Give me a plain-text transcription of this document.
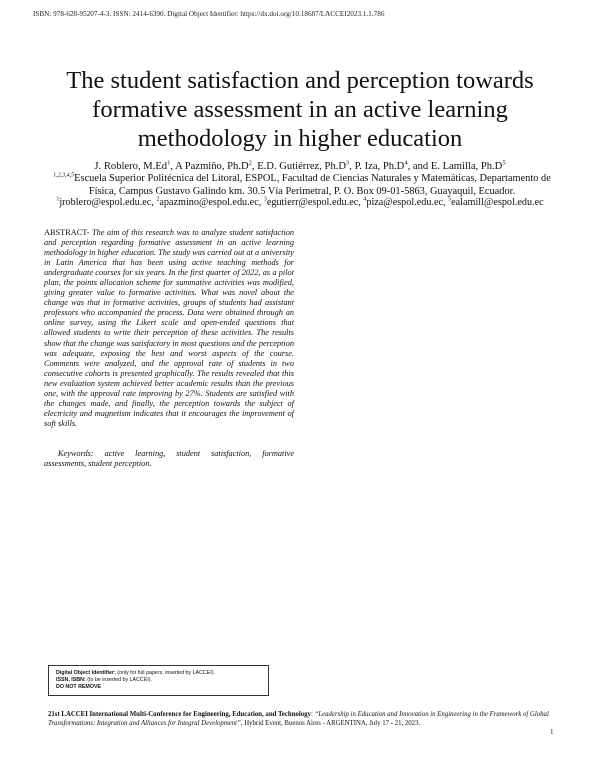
ISBN: 978-628-95207-4-3. ISSN: 2414-6390. Digital Object Identifier: https://dx.doi.org/10.18687/LACCEI2023.1.1.786
The student satisfaction and perception towards
formative assessment in an active learning
methodology in higher education
J. Roblero, M.Ed$^1$, A Pazmiño, $Ph.D^2$, E.D. Gutiérrez, $Ph.D^3$, P. Iza, $Ph.D^4$, and E. Lamilla, $Ph.D^5$
$^{1,2,3,4,5}$Escuela Superior Politécnica del Litoral, ESPOL, Facultad de Ciencias Naturales y Matemáticas, Departamento de Física, Campus Gustavo Galindo km. 30.5 Vía Perimetral, P. O. Box 09-01-5863, Guayaquil, Ecuador.
$^1$jroblero@espol.edu.ec, $^2$apazmino@espol.edu.ec, $^3$egutierr@espol.edu.ec, $^4$piza@espol.edu.ec, $^5$ealamill@espol.edu.ec

ABSTRACT- The aim of this research was to analyze student satisfaction and perception regarding formative assessment in an active learning methodology in higher education. The study was carried out at a university in Latin America that has been using active teaching methods for undergraduate courses for six years. In the first quarter of 2022, as a pilot plan, the points allocation scheme for summative activities was modified, giving greater value to formative activities. What was novel about the change was that in formative activities, groups of students had assistant professors who accompanied the process. Data were obtained through an online survey, using the Likert scale and open-ended questions that allowed students to write their perception of these activities. The results show that the change was satisfactory in most questions and the perception was adequate, exposing the best and worst aspects of the course. Comments were analyzed, and the approval rate of students in two consecutive cohorts is presented graphically. The results revealed that this new evaluation system achieved better academic results than the previous one, with the approval rate improving by 27%. Students are satisfied with the changes made, and finally, the perception towards the subject of electricity and magnetism indicates that it encourages the improvement of soft skills.

Keywords: active learning, student satisfaction, formative assessments, student perception.

Digital Object Identifier: (only for full papers, inserted by LACCEI).
ISSN, ISBN: (to be inserted by LACCEI).
DO NOT REMOVE
21st LACCEI International Multi-Conference for Engineering, Education, and Technology: “Leadership in Education and Innovation in Engineering in the Framework of Global Transformations: Integration and Alliances for Integral Development”, Hybrid Event, Buenos Aires - ARGENTINA, July 17 - 21, 2023.
1
